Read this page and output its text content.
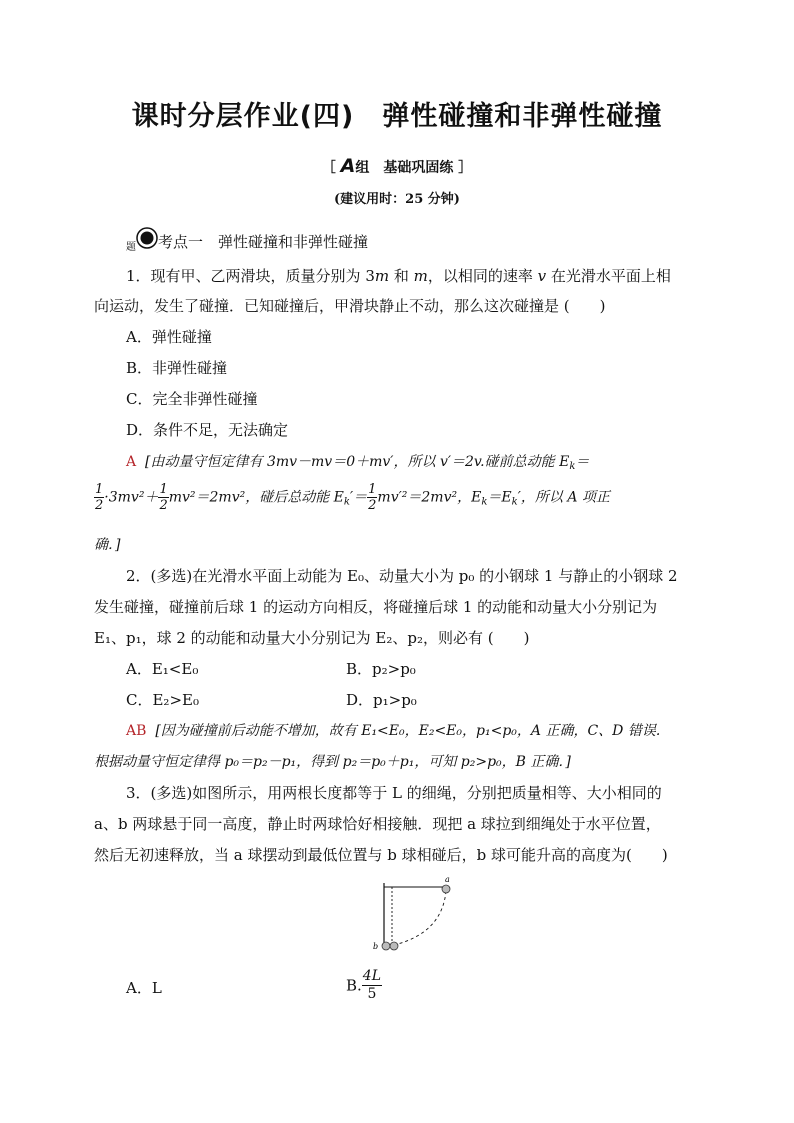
课时分层作业(四) 弹性碰撞和非弹性碰撞
［ A组　基础巩固练 ］
(建议用时：25 分钟)
$_题$ 考点一　弹性碰撞和非弹性碰撞
1．现有甲、乙两滑块，质量分别为 3m 和 m，以相同的速率 v 在光滑水平面上相
向运动，发生了碰撞．已知碰撞后，甲滑块静止不动，那么这次碰撞是 (　　)
A．弹性碰撞
B．非弹性碰撞
C．完全非弹性碰撞
D．条件不足，无法确定
A [由动量守恒定律有 3mv－mv＝0＋mv′，所以 v′＝2v.碰前总动能 $E_k=$
$\frac{1}{2} \cdot 3mv^2+ \frac{1}{2} mv^2=2mv^2$，碰后总动能 $E_k'= \frac{1}{2} mv'^2=2mv^2$，$E_k=E_k'$，所以 A 项正
确．]
2．(多选)在光滑水平面上动能为 E₀、动量大小为 p₀ 的小钢球 1 与静止的小钢球 2
发生碰撞，碰撞前后球 1 的运动方向相反，将碰撞后球 1 的动能和动量大小分别记为
E₁、p₁，球 2 的动能和动量大小分别记为 E₂、p₂，则必有 (　　)
A．E₁<E₀	B．p₂>p₀
C．E₂>E₀	D．p₁>p₀
AB [因为碰撞前后动能不增加，故有 E₁<E₀，E₂<E₀，p₁<p₀，A 正确，C、D 错误.
根据动量守恒定律得 p₀＝p₂－p₁，得到 p₂＝p₀＋p₁，可知 p₂>p₀，B 正确．]
3．(多选)如图所示，用两根长度都等于 L 的细绳，分别把质量相等、大小相同的
a、b 两球悬于同一高度，静止时两球恰好相接触．现把 a 球拉到细绳处于水平位置，
然后无初速释放，当 a 球摆动到最低位置与 b 球相碰后，b 球可能升高的高度为(　　)
a
b
A．L	B. $\frac{4L}{5}$
